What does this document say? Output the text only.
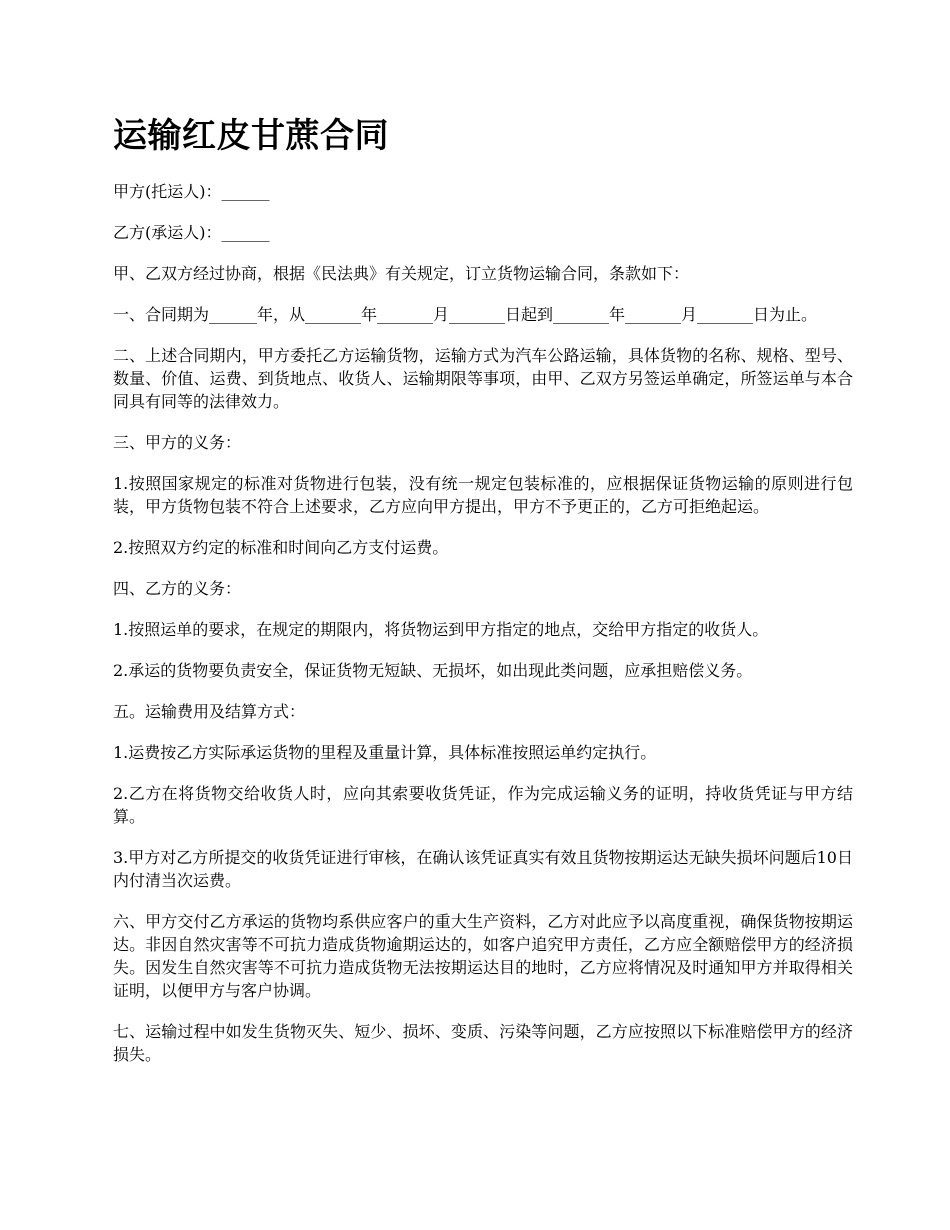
运输红皮甘蔗合同

甲方(托运人)：______

乙方(承运人)：______

甲、乙双方经过协商，根据《民法典》有关规定，订立货物运输合同，条款如下：

一、合同期为______年，从_______年_______月_______日起到_______年_______月_______日为止。

二、上述合同期内，甲方委托乙方运输货物，运输方式为汽车公路运输，具体货物的名称、规格、型号、数量、价值、运费、到货地点、收货人、运输期限等事项，由甲、乙双方另签运单确定，所签运单与本合同具有同等的法律效力。

三、甲方的义务：

1.按照国家规定的标准对货物进行包装，没有统一规定包装标准的，应根据保证货物运输的原则进行包装，甲方货物包装不符合上述要求，乙方应向甲方提出，甲方不予更正的，乙方可拒绝起运。

2.按照双方约定的标准和时间向乙方支付运费。

四、乙方的义务：

1.按照运单的要求，在规定的期限内，将货物运到甲方指定的地点，交给甲方指定的收货人。

2.承运的货物要负责安全，保证货物无短缺、无损坏，如出现此类问题，应承担赔偿义务。

五。运输费用及结算方式：

1.运费按乙方实际承运货物的里程及重量计算，具体标准按照运单约定执行。

2.乙方在将货物交给收货人时，应向其索要收货凭证，作为完成运输义务的证明，持收货凭证与甲方结算。

3.甲方对乙方所提交的收货凭证进行审核，在确认该凭证真实有效且货物按期运达无缺失损坏问题后10日内付清当次运费。

六、甲方交付乙方承运的货物均系供应客户的重大生产资料，乙方对此应予以高度重视，确保货物按期运达。非因自然灾害等不可抗力造成货物逾期运达的，如客户追究甲方责任，乙方应全额赔偿甲方的经济损失。因发生自然灾害等不可抗力造成货物无法按期运达目的地时，乙方应将情况及时通知甲方并取得相关证明，以便甲方与客户协调。

七、运输过程中如发生货物灭失、短少、损坏、变质、污染等问题，乙方应按照以下标准赔偿甲方的经济损失。
